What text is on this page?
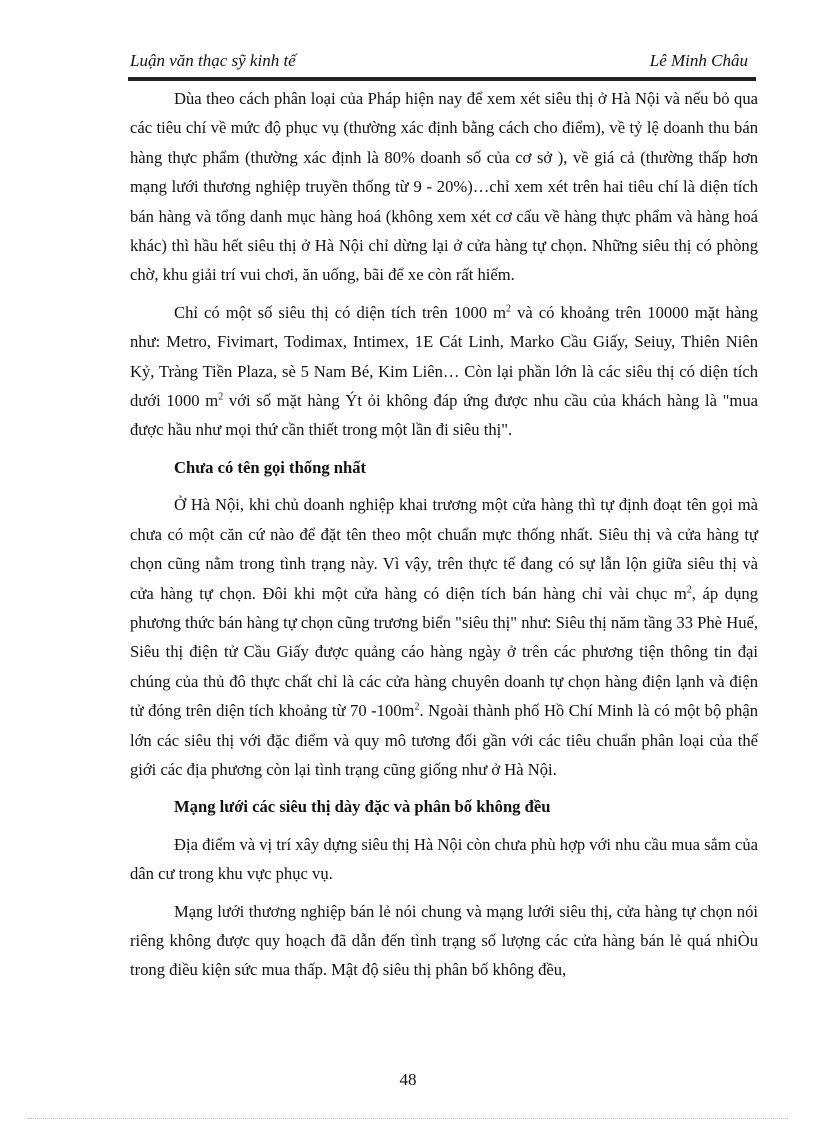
Luận văn thạc sỹ kinh tế	Lê Minh Châu

Dùa theo cách phân loại của Pháp hiện nay để xem xét siêu thị ở Hà Nội và nếu bỏ qua các tiêu chí về mức độ phục vụ (thường xác định bằng cách cho điểm), về tỷ lệ doanh thu bán hàng thực phẩm (thường xác định là 80% doanh số của cơ sở ), về giá cả (thường thấp hơn mạng lưới thương nghiệp truyền thống từ 9 - 20%)…chỉ xem xét trên hai tiêu chí là diện tích bán hàng và tổng danh mục hàng hoá (không xem xét cơ cấu về hàng thực phẩm và hàng hoá khác) thì hầu hết siêu thị ở Hà Nội chỉ dừng lại ở cửa hàng tự chọn. Những siêu thị có phòng chờ, khu giải trí vui chơi, ăn uống, bãi để xe còn rất hiếm.

Chỉ có một số siêu thị có diện tích trên 1000 $m^2$ và có khoảng trên 10000 mặt hàng như: Metro, Fivimart, Todimax, Intimex, 1E Cát Linh, Marko Cầu Giấy, Seiuy, Thiên Niên Kỷ, Tràng Tiền Plaza, sè 5 Nam Bé, Kim Liên… Còn lại phần lớn là các siêu thị có diện tích dưới 1000 $m^2$ với số mặt hàng Ýt ỏi không đáp ứng được nhu cầu của khách hàng là "mua được hầu như mọi thứ cần thiết trong một lần đi siêu thị".

Chưa có tên gọi thống nhất

Ở Hà Nội, khi chủ doanh nghiệp khai trương một cửa hàng thì tự định đoạt tên gọi mà chưa có một căn cứ nào để đặt tên theo một chuẩn mực thống nhất. Siêu thị và cửa hàng tự chọn cũng nằm trong tình trạng này. Vì vậy, trên thực tế đang có sự lẫn lộn giữa siêu thị và cửa hàng tự chọn. Đôi khi một cửa hàng có diện tích bán hàng chỉ vài chục $m^2$, áp dụng phương thức bán hàng tự chọn cũng trương biển "siêu thị" như: Siêu thị năm tầng 33 Phè Huế, Siêu thị điện tử Cầu Giấy được quảng cáo hàng ngày ở trên các phương tiện thông tin đại chúng của thủ đô thực chất chỉ là các cửa hàng chuyên doanh tự chọn hàng điện lạnh và điện tử đóng trên diện tích khoảng từ 70 $-100m^2$. Ngoài thành phố Hồ Chí Minh là có một bộ phận lớn các siêu thị với đặc điểm và quy mô tương đối gần với các tiêu chuẩn phân loại của thế giới các địa phương còn lại tình trạng cũng giống như ở Hà Nội.

Mạng lưới các siêu thị dày đặc và phân bố không đều

Địa điểm và vị trí xây dựng siêu thị Hà Nội còn chưa phù hợp với nhu cầu mua sắm của dân cư trong khu vực phục vụ.

Mạng lưới thương nghiệp bán lẻ nói chung và mạng lưới siêu thị, cửa hàng tự chọn nói riêng không được quy hoạch đã dẫn đến tình trạng số lượng các cửa hàng bán lẻ quá nhiÒu trong điều kiện sức mua thấp. Mật độ siêu thị phân bố không đều,

48
